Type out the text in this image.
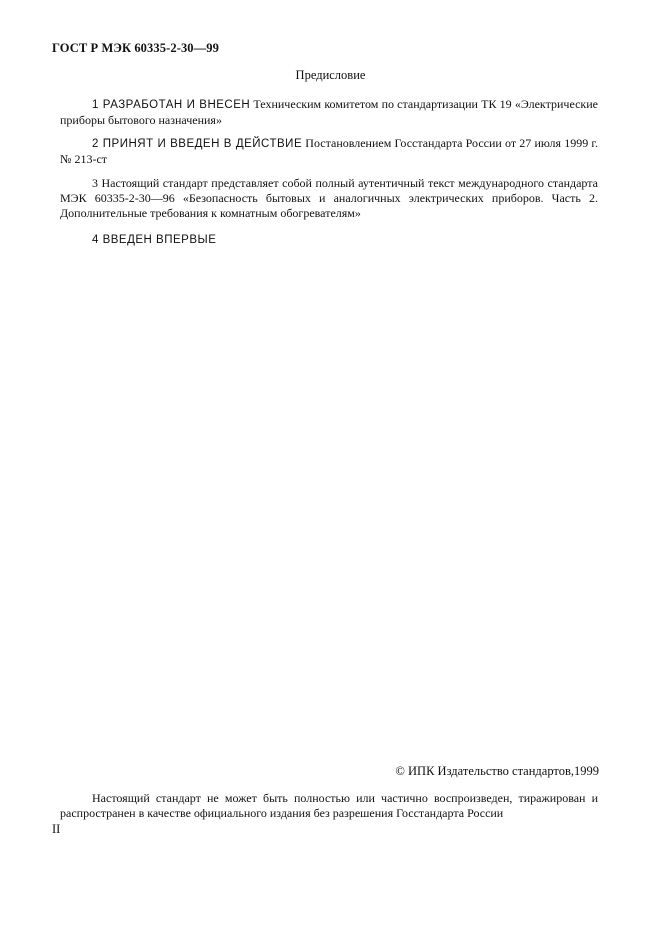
ГОСТ Р МЭК 60335-2-30—99
Предисловие

1 РАЗРАБОТАН И ВНЕСЕН Техническим комитетом по стандартизации ТК 19 «Электрические приборы бытового назначения»

2 ПРИНЯТ И ВВЕДЕН В ДЕЙСТВИЕ Постановлением Госстандарта России от 27 июля 1999 г. № 213-ст

3 Настоящий стандарт представляет собой полный аутентичный текст международного стандарта МЭК 60335-2-30—96 «Безопасность бытовых и аналогичных электрических приборов. Часть 2. Дополнительные требования к комнатным обогревателям»

4 ВВЕДЕН ВПЕРВЫЕ

© ИПК Издательство стандартов,1999

Настоящий стандарт не может быть полностью или частично воспроизведен, тиражирован и распространен в качестве официального издания без разрешения Госстандарта России

II
